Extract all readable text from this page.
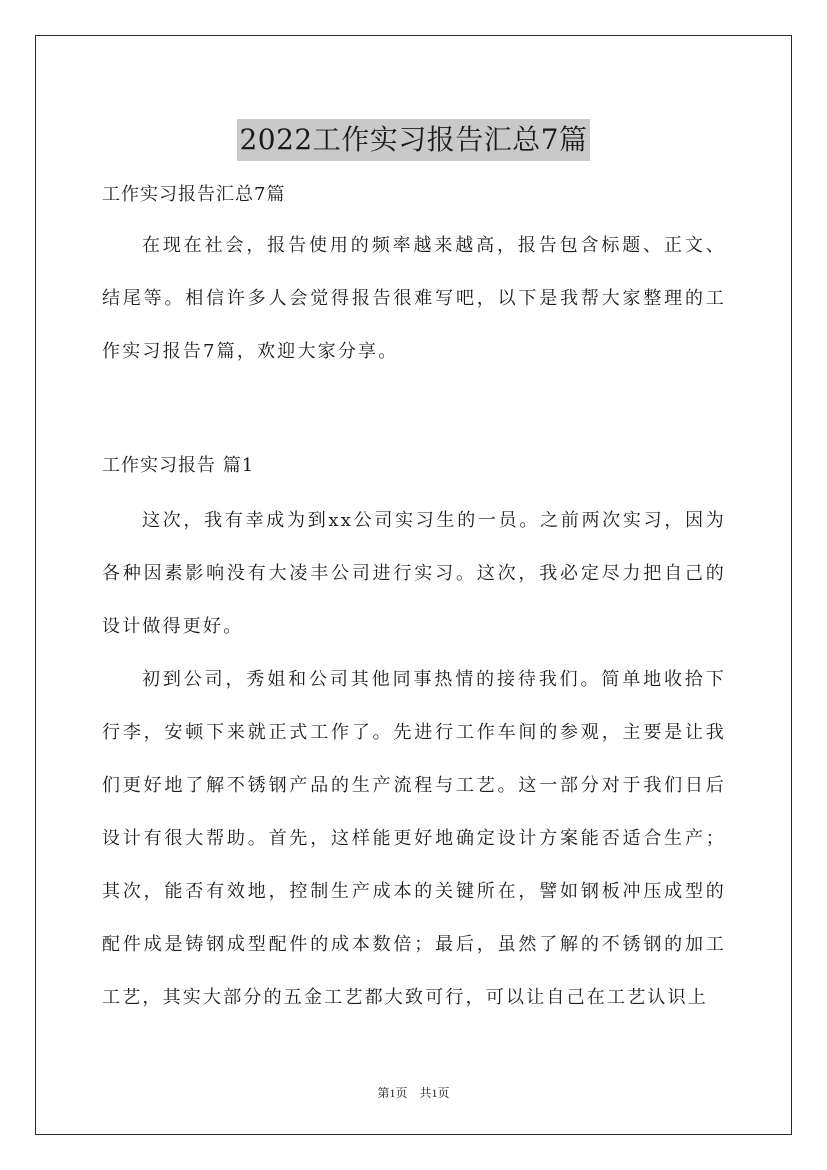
2022工作实习报告汇总7篇
工作实习报告汇总7篇

在现在社会，报告使用的频率越来越高，报告包含标题、正文、结尾等。相信许多人会觉得报告很难写吧，以下是我帮大家整理的工作实习报告7篇，欢迎大家分享。

工作实习报告 篇1

这次，我有幸成为到xx公司实习生的一员。之前两次实习，因为各种因素影响没有大凌丰公司进行实习。这次，我必定尽力把自己的设计做得更好。

初到公司，秀姐和公司其他同事热情的接待我们。简单地收拾下行李，安顿下来就正式工作了。先进行工作车间的参观，主要是让我们更好地了解不锈钢产品的生产流程与工艺。这一部分对于我们日后设计有很大帮助。首先，这样能更好地确定设计方案能否适合生产；其次，能否有效地，控制生产成本的关键所在，譬如钢板冲压成型的配件成是铸钢成型配件的成本数倍；最后，虽然了解的不锈钢的加工工艺，其实大部分的五金工艺都大致可行，可以让自己在工艺认识上

第1页　共1页
